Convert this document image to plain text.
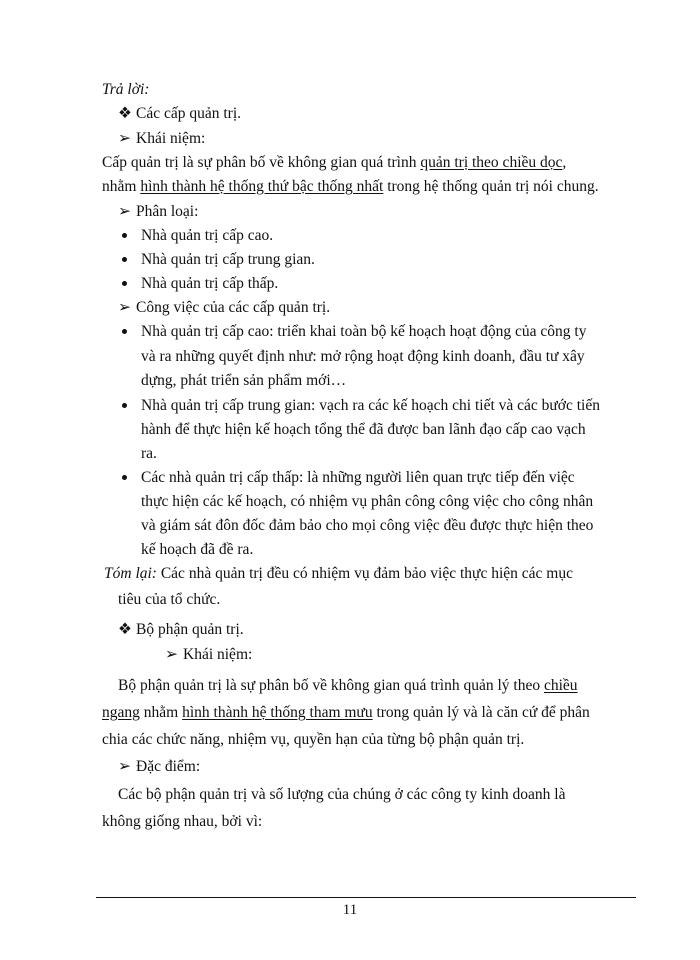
Trả lời:
❖ Các cấp quản trị.
➢ Khái niệm:
Cấp quản trị là sự phân bố về không gian quá trình quản trị theo chiều dọc,
nhằm hình thành hệ thống thứ bậc thống nhất trong hệ thống quản trị nói chung.
➢ Phân loại:
Nhà quản trị cấp cao.
Nhà quản trị cấp trung gian.
Nhà quản trị cấp thấp.
➢ Công việc của các cấp quản trị.
Nhà quản trị cấp cao: triển khai toàn bộ kế hoạch hoạt động của công ty
và ra những quyết định như: mở rộng hoạt động kinh doanh, đầu tư xây
dựng, phát triển sản phẩm mới…
Nhà quản trị cấp trung gian: vạch ra các kế hoạch chi tiết và các bước tiến
hành để thực hiện kế hoạch tổng thể đã được ban lãnh đạo cấp cao vạch
ra.
Các nhà quản trị cấp thấp: là những người liên quan trực tiếp đến việc
thực hiện các kế hoạch, có nhiệm vụ phân công công việc cho công nhân
và giám sát đôn đốc đảm bảo cho mọi công việc đều được thực hiện theo
kế hoạch đã đề ra.
Tóm lại: Các nhà quản trị đều có nhiệm vụ đảm bảo việc thực hiện các mục
tiêu của tổ chức.
❖ Bộ phận quản trị.
➢ Khái niệm:
Bộ phận quản trị là sự phân bố về không gian quá trình quản lý theo chiều
ngang nhằm hình thành hệ thống tham mưu trong quản lý và là căn cứ để phân
chia các chức năng, nhiệm vụ, quyền hạn của từng bộ phận quản trị.
➢ Đặc điểm:
Các bộ phận quản trị và số lượng của chúng ở các công ty kinh doanh là
không giống nhau, bởi vì:
11
